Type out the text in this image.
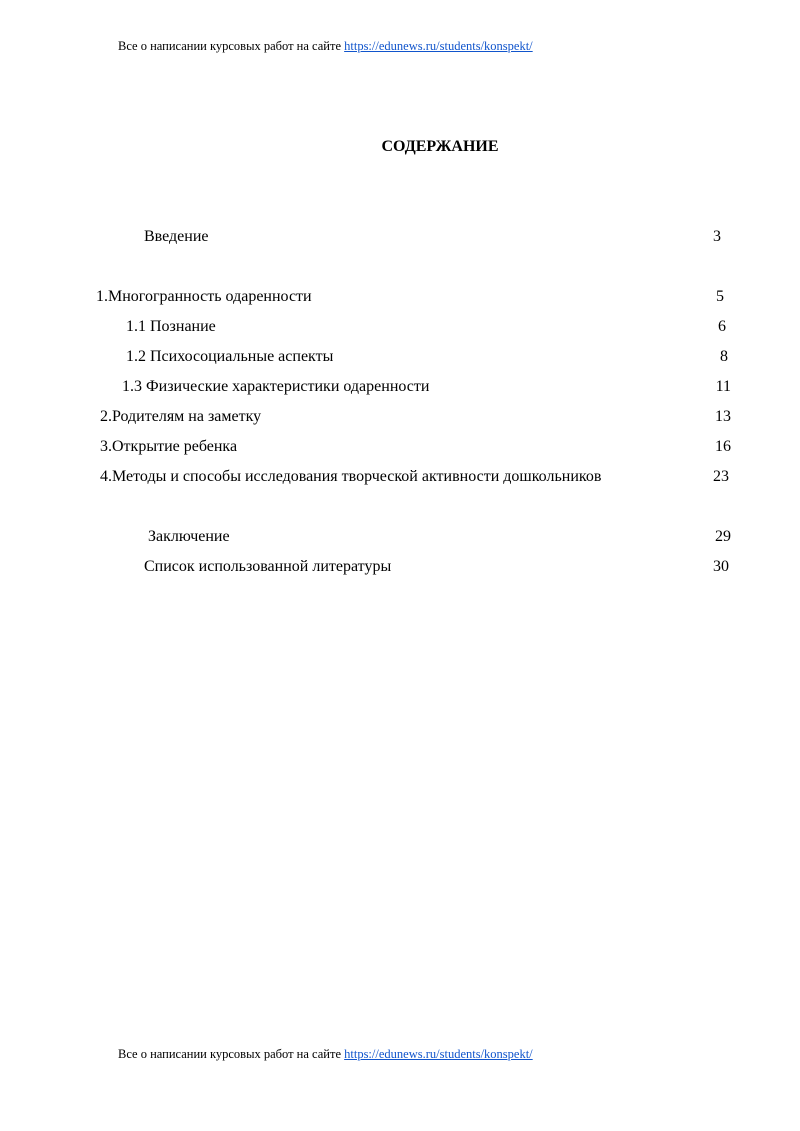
Все о написании курсовых работ на сайте https://edunews.ru/students/konspekt/
СОДЕРЖАНИЕ
Введение	3
1.Многогранность одаренности	5
1.1 Познание	6
1.2 Психосоциальные аспекты	8
1.3 Физические характеристики одаренности	11
2.Родителям на заметку	13
3.Открытие ребенка	16
4.Методы и способы исследования творческой активности дошкольников	23
Заключение	29
Список использованной литературы	30
Все о написании курсовых работ на сайте https://edunews.ru/students/konspekt/
